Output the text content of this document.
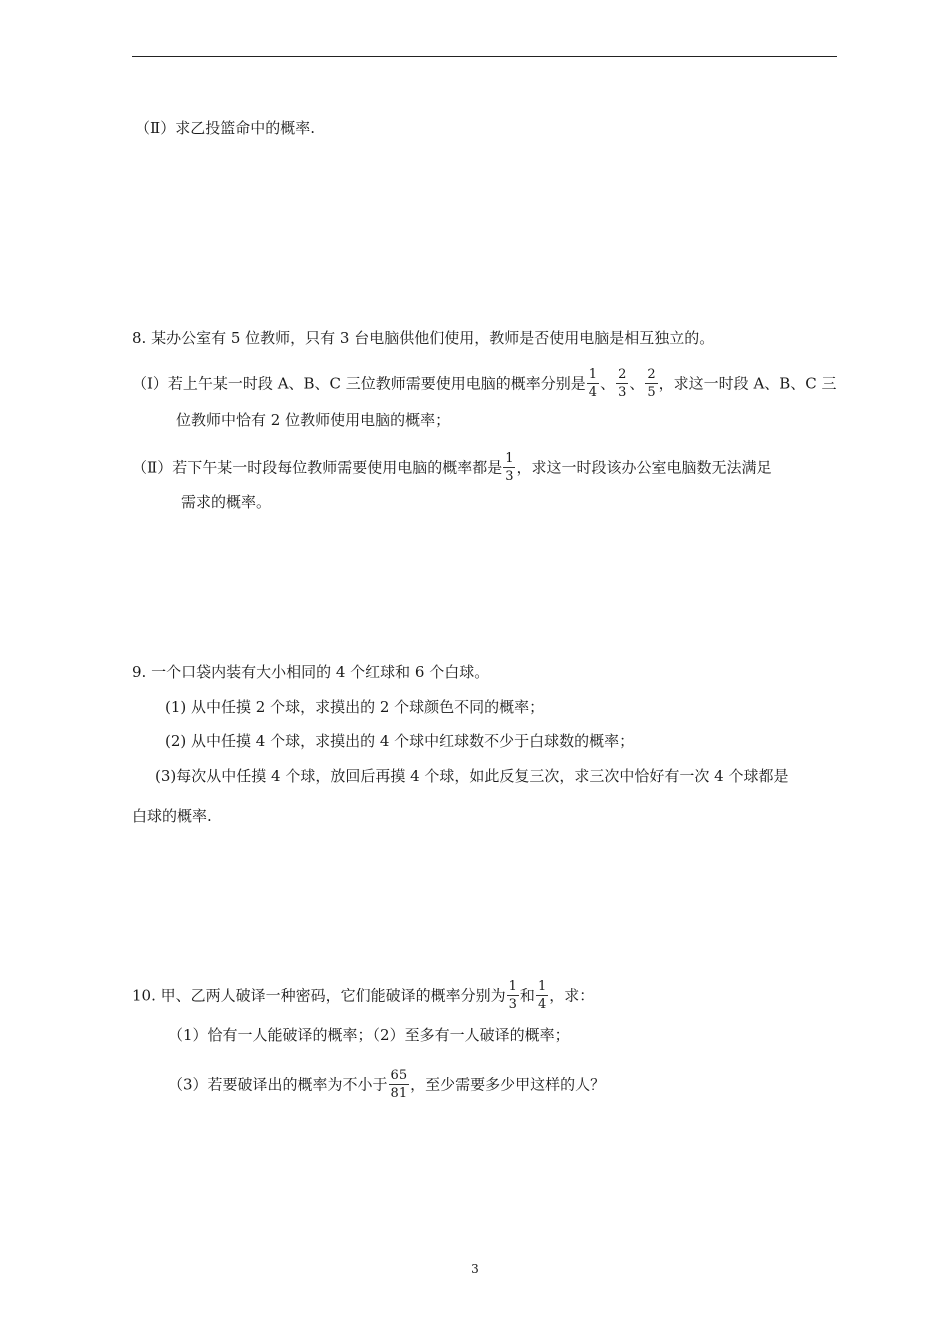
（Ⅱ）求乙投篮命中的概率.
8. 某办公室有 5 位教师，只有 3 台电脑供他们使用，教师是否使用电脑是相互独立的。
（Ⅰ）若上午某一时段 A、B、C 三位教师需要使用电脑的概率分别是 $\frac{1}{4}$ 、 $\frac{2}{3}$ 、 $\frac{2}{5}$ ，求这一时段 A、B、C 三
位教师中恰有 2 位教师使用电脑的概率；
（Ⅱ）若下午某一时段每位教师需要使用电脑的概率都是 $\frac{1}{3}$ ，求这一时段该办公室电脑数无法满足
需求的概率。
9. 一个口袋内装有大小相同的 4 个红球和 6 个白球。
(1) 从中任摸 2 个球，求摸出的 2 个球颜色不同的概率；
(2) 从中任摸 4 个球，求摸出的 4 个球中红球数不少于白球数的概率；
(3)每次从中任摸 4 个球，放回后再摸 4 个球，如此反复三次，求三次中恰好有一次 4 个球都是
白球的概率.
10. 甲、乙两人破译一种密码，它们能破译的概率分别为 $\frac{1}{3}$ 和 $\frac{1}{4}$ ，求：
（1）恰有一人能破译的概率；（2）至多有一人破译的概率；
（3）若要破译出的概率为不小于 $\frac{65}{81}$ ，至少需要多少甲这样的人？
3
